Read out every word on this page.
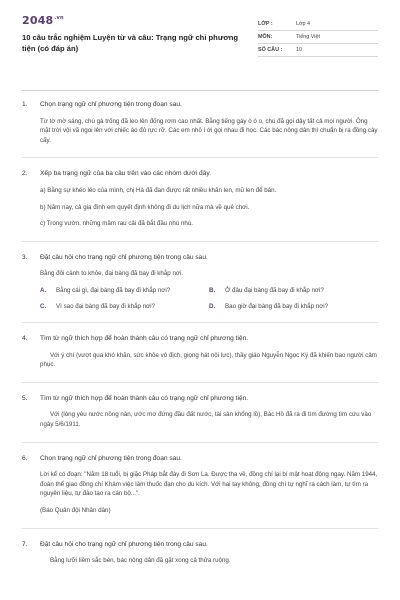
$2048^{.vn}$
10 câu trắc nghiệm Luyện từ và câu: Trạng ngữ chỉ phương tiện (có đáp án)
LỚP :	Lớp 4
MÔN:	Tiếng Việt
SỐ CÂU :	10
1. Chọn trạng ngữ chỉ phương tiện trong đoạn sau.

Từ tờ mờ sáng, chú gà trống đã leo lên đống rơm cao nhất. Bằng tiếng gáy ò ó o, chú đã gọi dậy tất cả mọi người. Ông mặt trời vội vã ngoi lên với chiếc áo đỏ rực rỡ. Các em nhỏ í ới gọi nhau đi học. Các bác nông dân thì chuẩn bị ra đồng cày cấy.

2. Xếp ba trạng ngữ của ba câu trên vào các nhóm dưới đây.

a) Bằng sự khéo léo của mình, chị Hà đã đan được rất nhiều khăn len, mũ len để bán.

b) Năm nay, cả gia đình em quyết định không đi du lịch nữa mà về quê chơi.

c) Trong vườn, những mầm rau cải đã bắt đầu nhú nhú.

3. Đặt câu hỏi cho trạng ngữ chỉ phương tiện trong câu sau.

Bằng đôi cánh to khỏe, đại bàng đã bay đi khắp nơi.

A.	Bằng cái gì, đại bàng đã bay đi khắp nơi?	B.	Ở đâu đại bàng đã bay đi khắp nơi?
C.	Vì sao đại bàng đã bay đi khắp nơi?	D.	Bao giờ đại bàng đã bay đi khắp nơi?
4. Tìm từ ngữ thích hợp để hoàn thành câu có trạng ngữ chỉ phương tiện.

Với ý chí (vượt qua khó khăn, sức khỏe vô địch, giọng hát nội lực), thầy giáo Nguyễn Ngọc Ký đã khiến bao người cảm phục.

5. Tìm từ ngữ thích hợp để hoàn thành câu có trạng ngữ chỉ phương tiện.

Với (lòng yêu nước nồng nàn, ước mơ đứng đầu đất nước, tài sản khổng lồ), Bác Hồ đã ra đi tìm đường tìm cứu vào ngày 5/6/1911.

6. Chọn trạng ngữ chỉ phương tiện trong đoạn sau.

Lời kể có đoạn: "Năm 18 tuổi, bị giặc Pháp bắt đày đi Sơn La. Được tha về, đồng chí lại bí mật hoạt động ngay. Năm 1944, đoàn thể giao đồng chí Khám việc làm thuốc đạn cho du kích. Với hai tay không, đồng chí tự nghĩ ra cách làm, tự tìm ra nguyên liệu, tự đào tạo ra cán bộ...".

(Báo Quân đội Nhân dân)

7. Đặt câu hỏi cho trạng ngữ chỉ phương tiện trong câu sau.

Bằng lưỡi liềm sắc bén, bác nông dân đã gặt xong cả thửa ruộng.
